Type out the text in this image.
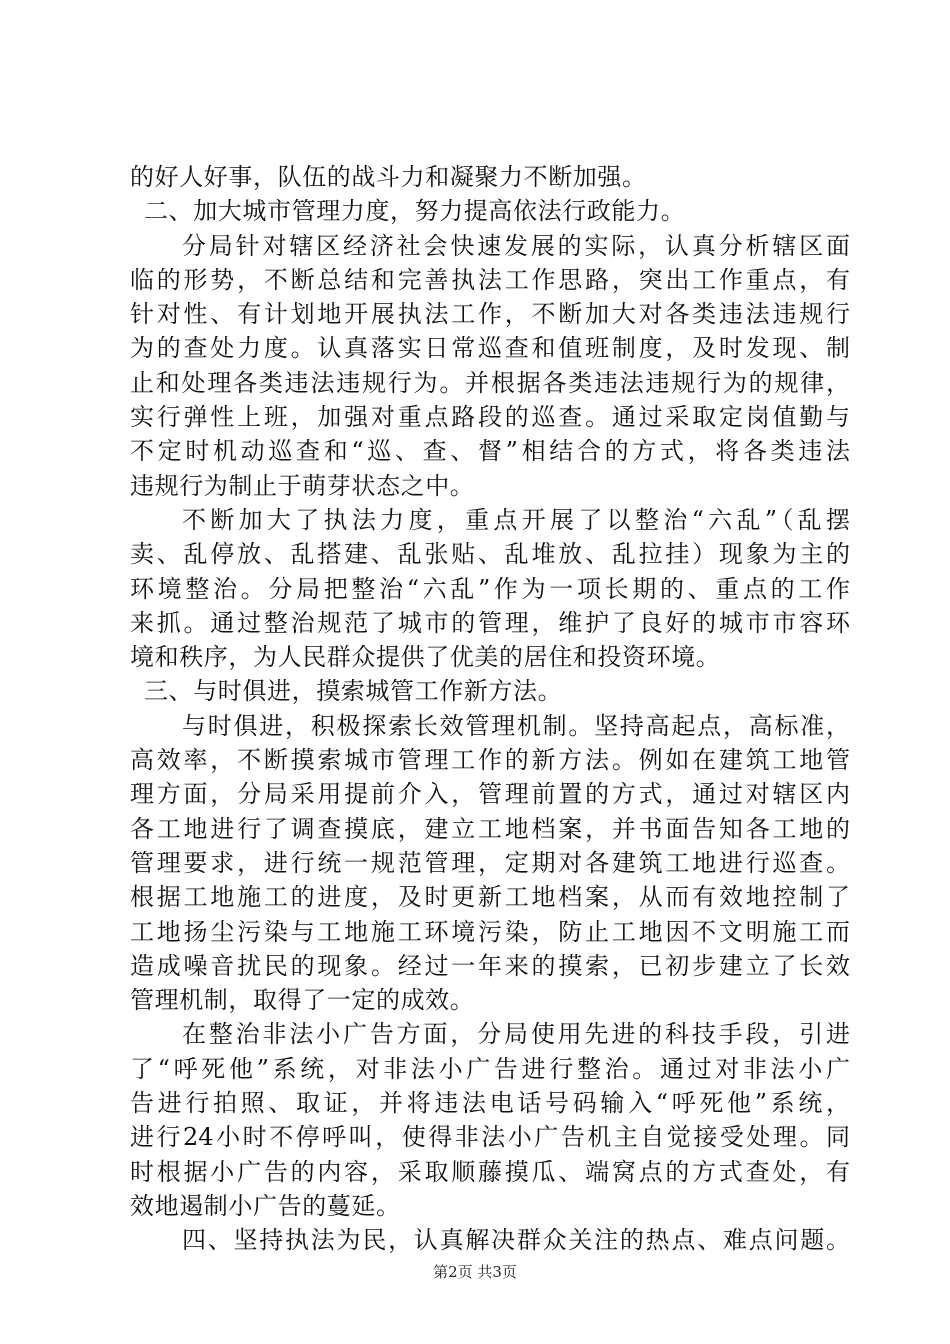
的好人好事，队伍的战斗力和凝聚力不断加强。
二、加大城市管理力度，努力提高依法行政能力。
分局针对辖区经济社会快速发展的实际，认真分析辖区面
临的形势，不断总结和完善执法工作思路，突出工作重点，有
针对性、有计划地开展执法工作，不断加大对各类违法违规行
为的查处力度。认真落实日常巡查和值班制度，及时发现、制
止和处理各类违法违规行为。并根据各类违法违规行为的规律，
实行弹性上班，加强对重点路段的巡查。通过采取定岗值勤与
不定时机动巡查和“巡、查、督”相结合的方式，将各类违法
违规行为制止于萌芽状态之中。
不断加大了执法力度，重点开展了以整治“六乱”（乱摆
卖、乱停放、乱搭建、乱张贴、乱堆放、乱拉挂）现象为主的
环境整治。分局把整治“六乱”作为一项长期的、重点的工作
来抓。通过整治规范了城市的管理，维护了良好的城市市容环
境和秩序，为人民群众提供了优美的居住和投资环境。
三、与时俱进，摸索城管工作新方法。
与时俱进，积极探索长效管理机制。坚持高起点，高标准，
高效率，不断摸索城市管理工作的新方法。例如在建筑工地管
理方面，分局采用提前介入，管理前置的方式，通过对辖区内
各工地进行了调查摸底，建立工地档案，并书面告知各工地的
管理要求，进行统一规范管理，定期对各建筑工地进行巡查。
根据工地施工的进度，及时更新工地档案，从而有效地控制了
工地扬尘污染与工地施工环境污染，防止工地因不文明施工而
造成噪音扰民的现象。经过一年来的摸索，已初步建立了长效
管理机制，取得了一定的成效。
在整治非法小广告方面，分局使用先进的科技手段，引进
了“呼死他”系统，对非法小广告进行整治。通过对非法小广
告进行拍照、取证，并将违法电话号码输入“呼死他”系统，
进行24小时不停呼叫，使得非法小广告机主自觉接受处理。同
时根据小广告的内容，采取顺藤摸瓜、端窝点的方式查处，有
效地遏制小广告的蔓延。
四、坚持执法为民，认真解决群众关注的热点、难点问题。
第2页 共3页
